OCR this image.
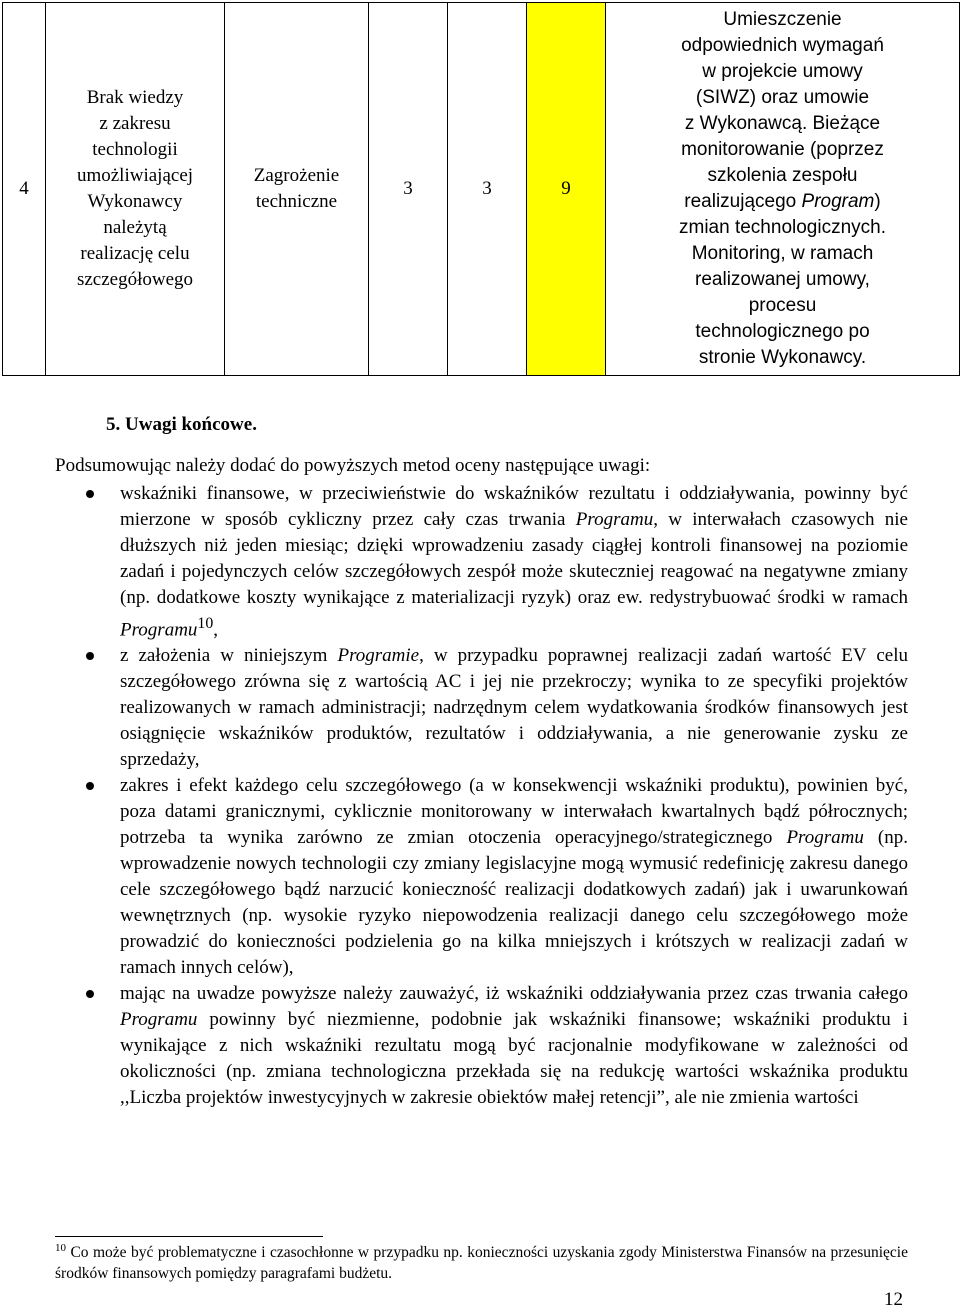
4	Brak wiedzy
z zakresu
technologii
umożliwiającej
Wykonawcy
należytą
realizację celu
szczegółowego	Zagrożenie
techniczne	3	3	9	Umieszczenie
odpowiednich wymagań
w projekcie umowy
(SIWZ) oraz umowie
z Wykonawcą. Bieżące
monitorowanie (poprzez
szkolenia zespołu
realizującego Program)
zmian technologicznych.
Monitoring, w ramach
realizowanej umowy,
procesu
technologicznego po
stronie Wykonawcy.
5. Uwagi końcowe.

Podsumowując należy dodać do powyższych metod oceny następujące uwagi:

wskaźniki finansowe, w przeciwieństwie do wskaźników rezultatu i oddziaływania, powinny być mierzone w sposób cykliczny przez cały czas trwania Programu, w interwałach czasowych nie dłuższych niż jeden miesiąc; dzięki wprowadzeniu zasady ciągłej kontroli finansowej na poziomie zadań i pojedynczych celów szczegółowych zespół może skuteczniej reagować na negatywne zmiany (np. dodatkowe koszty wynikające z materializacji ryzyk) oraz ew. redystrybuować środki w ramach Programu$^{10}$,
z założenia w niniejszym Programie, w przypadku poprawnej realizacji zadań wartość EV celu szczegółowego zrówna się z wartością AC i jej nie przekroczy; wynika to ze specyfiki projektów realizowanych w ramach administracji; nadrzędnym celem wydatkowania środków finansowych jest osiągnięcie wskaźników produktów, rezultatów i oddziaływania, a nie generowanie zysku ze sprzedaży,
zakres i efekt każdego celu szczegółowego (a w konsekwencji wskaźniki produktu), powinien być, poza datami granicznymi, cyklicznie monitorowany w interwałach kwartalnych bądź półrocznych; potrzeba ta wynika zarówno ze zmian otoczenia operacyjnego/strategicznego Programu (np. wprowadzenie nowych technologii czy zmiany legislacyjne mogą wymusić redefinicję zakresu danego cele szczegółowego bądź narzucić konieczność realizacji dodatkowych zadań) jak i uwarunkowań wewnętrznych (np. wysokie ryzyko niepowodzenia realizacji danego celu szczegółowego może prowadzić do konieczności podzielenia go na kilka mniejszych i krótszych w realizacji zadań w ramach innych celów),
mając na uwadze powyższe należy zauważyć, iż wskaźniki oddziaływania przez czas trwania całego Programu powinny być niezmienne, podobnie jak wskaźniki finansowe; wskaźniki produktu i wynikające z nich wskaźniki rezultatu mogą być racjonalnie modyfikowane w zależności od okoliczności (np. zmiana technologiczna przekłada się na redukcję wartości wskaźnika produktu ,,Liczba projektów inwestycyjnych w zakresie obiektów małej retencji”, ale nie zmienia wartości

$^{10}$ Co może być problematyczne i czasochłonne w przypadku np. konieczności uzyskania zgody Ministerstwa Finansów na przesunięcie środków finansowych pomiędzy paragrafami budżetu.

12
